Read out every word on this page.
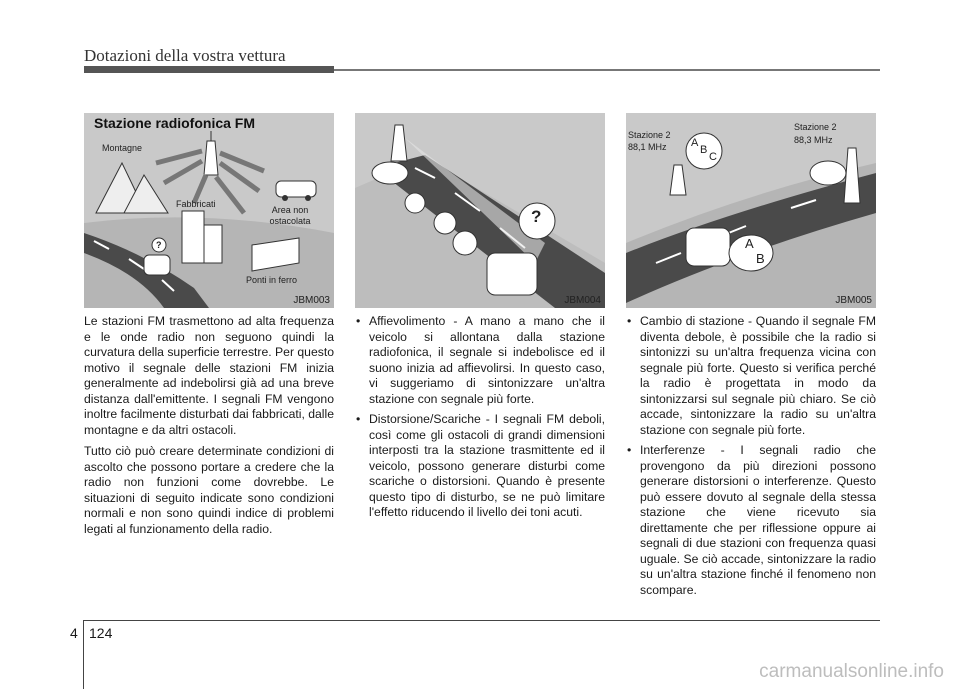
Dotazioni della vostra vettura
Stazione radiofonica FM
Montagne
Fabbricati
Area non ostacolata
Ponti in ferro
?
JBM003
?
JBM004
Stazione 2
88,1 MHz
Stazione 2
88,3 MHz
A
B
C
A
B
JBM005

Le stazioni FM trasmettono ad alta frequenza e le onde radio non seguono quindi la curvatura della superficie terrestre. Per questo motivo il segnale delle stazioni FM inizia generalmente ad indebolirsi già ad una breve distanza dall'emittente. I segnali FM vengono inoltre facilmente disturbati dai fabbricati, dalle montagne e da altri ostacoli.

Tutto ciò può creare determinate condizioni di ascolto che possono portare a credere che la radio non funzioni come dovrebbe. Le situazioni di seguito indicate sono condizioni normali e non sono quindi indice di problemi legati al funzionamento della radio.

• Affievolimento - A mano a mano che il veicolo si allontana dalla stazione radiofonica, il segnale si indebolisce ed il suono inizia ad affievolirsi. In questo caso, vi suggeriamo di sintonizzare un'altra stazione con segnale più forte.
• Distorsione/Scariche - I segnali FM deboli, così come gli ostacoli di grandi dimensioni interposti tra la stazione trasmittente ed il veicolo, possono generare disturbi come scariche o distorsioni. Quando è presente questo tipo di disturbo, se ne può limitare l'effetto riducendo il livello dei toni acuti.
• Cambio di stazione - Quando il segnale FM diventa debole, è possibile che la radio si sintonizzi su un'altra frequenza vicina con segnale più forte. Questo si verifica perché la radio è progettata in modo da sintonizzarsi sul segnale più chiaro. Se ciò accade, sintonizzare la radio su un'altra stazione con segnale più forte.
• Interferenze - I segnali radio che provengono da più direzioni possono generare distorsioni o interferenze. Questo può essere dovuto al segnale della stessa stazione che viene ricevuto sia direttamente che per riflessione oppure ai segnali di due stazioni con frequenza quasi uguale. Se ciò accade, sintonizzare la radio su un'altra stazione finché il fenomeno non scompare.
4 124
carmanualsonline.info
